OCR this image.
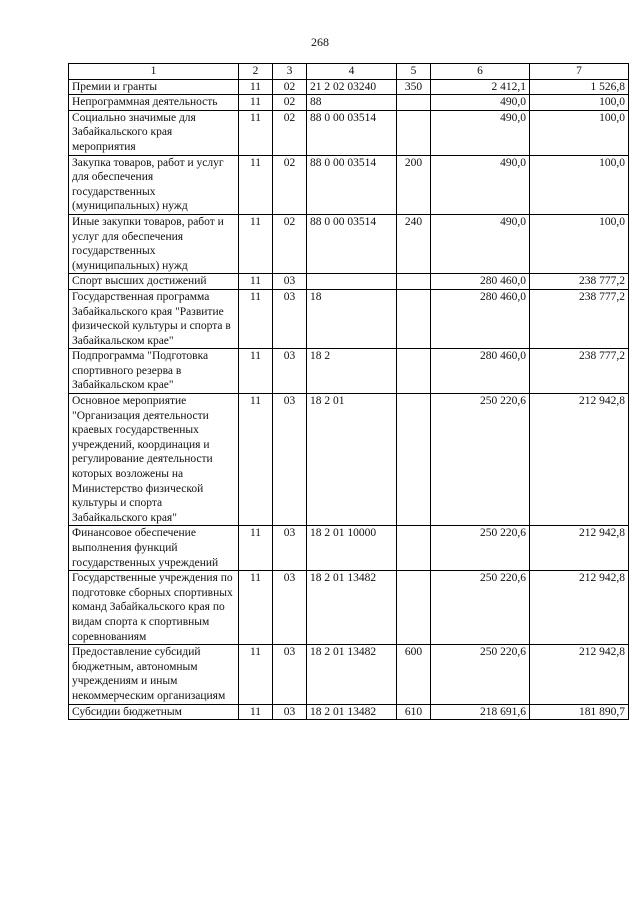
268
1	2	3	4	5	6	7
Премии и гранты	11	02	21 2 02 03240	350	2 412,1	1 526,8
Непрограммная деятельность	11	02	88		490,0	100,0
Социально значимые для Забайкальского края мероприятия	11	02	88 0 00 03514		490,0	100,0
Закупка товаров, работ и услуг для обеспечения государственных (муниципальных) нужд	11	02	88 0 00 03514	200	490,0	100,0
Иные закупки товаров, работ и услуг для обеспечения государственных (муниципальных) нужд	11	02	88 0 00 03514	240	490,0	100,0
Спорт высших достижений	11	03			280 460,0	238 777,2
Государственная программа Забайкальского края "Развитие физической культуры и спорта в Забайкальском крае"	11	03	18		280 460,0	238 777,2
Подпрограмма "Подготовка спортивного резерва в Забайкальском крае"	11	03	18 2		280 460,0	238 777,2
Основное мероприятие "Организация деятельности краевых государственных учреждений, координация и регулирование деятельности которых возложены на Министерство физической культуры и спорта Забайкальского края"	11	03	18 2 01		250 220,6	212 942,8
Финансовое обеспечение выполнения функций государственных учреждений	11	03	18 2 01 10000		250 220,6	212 942,8
Государственные учреждения по подготовке сборных спортивных команд Забайкальского края по видам спорта к спортивным соревнованиям	11	03	18 2 01 13482		250 220,6	212 942,8
Предоставление субсидий бюджетным, автономным учреждениям и иным некоммерческим организациям	11	03	18 2 01 13482	600	250 220,6	212 942,8
Субсидии бюджетным	11	03	18 2 01 13482	610	218 691,6	181 890,7
